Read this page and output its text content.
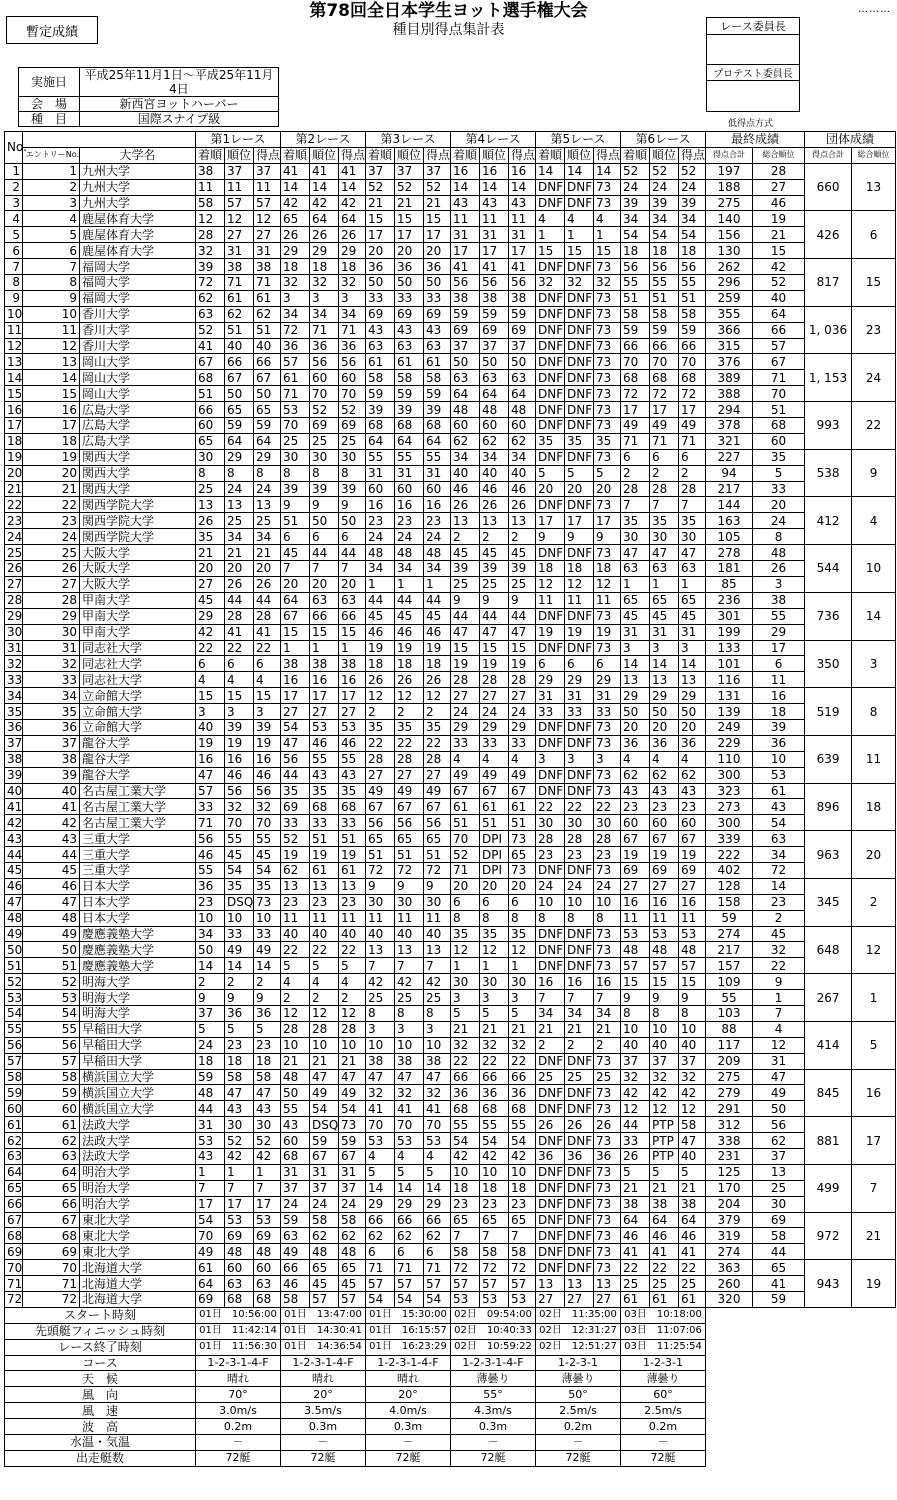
第78回全日本学生ヨット選手権大会
種目別得点集計表
………
暫定成績
実施日	平成25年11月1日～平成25年11月4日
会　場	新西宮ヨットハーバー
種　目	国際スナイプ級
レース委員長

プロテスト委員長

低得点方式
No.			第1レース			第2レース			第3レース			第4レース			第5レース			第6レース			最終成績		団体成績	
	エントリーNo.	大学名	着順	順位	得点	着順	順位	得点	着順	順位	得点	着順	順位	得点	着順	順位	得点	着順	順位	得点	得点合計	総合順位	得点合計	総合順位
1	1	九州大学	38	37	37	41	41	41	37	37	37	16	16	16	14	14	14	52	52	52	197	28	660	13
2	2	九州大学	11	11	11	14	14	14	52	52	52	14	14	14	DNF	DNF	73	24	24	24	188	27		
3	3	九州大学	58	57	57	42	42	42	21	21	21	43	43	43	DNF	DNF	73	39	39	39	275	46		
4	4	鹿屋体育大学	12	12	12	65	64	64	15	15	15	11	11	11	4	4	4	34	34	34	140	19	426	6
5	5	鹿屋体育大学	28	27	27	26	26	26	17	17	17	31	31	31	1	1	1	54	54	54	156	21		
6	6	鹿屋体育大学	32	31	31	29	29	29	20	20	20	17	17	17	15	15	15	18	18	18	130	15		
7	7	福岡大学	39	38	38	18	18	18	36	36	36	41	41	41	DNF	DNF	73	56	56	56	262	42	817	15
8	8	福岡大学	72	71	71	32	32	32	50	50	50	56	56	56	32	32	32	55	55	55	296	52		
9	9	福岡大学	62	61	61	3	3	3	33	33	33	38	38	38	DNF	DNF	73	51	51	51	259	40		
10	10	香川大学	63	62	62	34	34	34	69	69	69	59	59	59	DNF	DNF	73	58	58	58	355	64	1, 036	23
11	11	香川大学	52	51	51	72	71	71	43	43	43	69	69	69	DNF	DNF	73	59	59	59	366	66		
12	12	香川大学	41	40	40	36	36	36	63	63	63	37	37	37	DNF	DNF	73	66	66	66	315	57		
13	13	岡山大学	67	66	66	57	56	56	61	61	61	50	50	50	DNF	DNF	73	70	70	70	376	67	1, 153	24
14	14	岡山大学	68	67	67	61	60	60	58	58	58	63	63	63	DNF	DNF	73	68	68	68	389	71		
15	15	岡山大学	51	50	50	71	70	70	59	59	59	64	64	64	DNF	DNF	73	72	72	72	388	70		
16	16	広島大学	66	65	65	53	52	52	39	39	39	48	48	48	DNF	DNF	73	17	17	17	294	51	993	22
17	17	広島大学	60	59	59	70	69	69	68	68	68	60	60	60	DNF	DNF	73	49	49	49	378	68		
18	18	広島大学	65	64	64	25	25	25	64	64	64	62	62	62	35	35	35	71	71	71	321	60		
19	19	関西大学	30	29	29	30	30	30	55	55	55	34	34	34	DNF	DNF	73	6	6	6	227	35	538	9
20	20	関西大学	8	8	8	8	8	8	31	31	31	40	40	40	5	5	5	2	2	2	94	5		
21	21	関西大学	25	24	24	39	39	39	60	60	60	46	46	46	20	20	20	28	28	28	217	33		
22	22	関西学院大学	13	13	13	9	9	9	16	16	16	26	26	26	DNF	DNF	73	7	7	7	144	20	412	4
23	23	関西学院大学	26	25	25	51	50	50	23	23	23	13	13	13	17	17	17	35	35	35	163	24		
24	24	関西学院大学	35	34	34	6	6	6	24	24	24	2	2	2	9	9	9	30	30	30	105	8		
25	25	大阪大学	21	21	21	45	44	44	48	48	48	45	45	45	DNF	DNF	73	47	47	47	278	48	544	10
26	26	大阪大学	20	20	20	7	7	7	34	34	34	39	39	39	18	18	18	63	63	63	181	26		
27	27	大阪大学	27	26	26	20	20	20	1	1	1	25	25	25	12	12	12	1	1	1	85	3		
28	28	甲南大学	45	44	44	64	63	63	44	44	44	9	9	9	11	11	11	65	65	65	236	38	736	14
29	29	甲南大学	29	28	28	67	66	66	45	45	45	44	44	44	DNF	DNF	73	45	45	45	301	55		
30	30	甲南大学	42	41	41	15	15	15	46	46	46	47	47	47	19	19	19	31	31	31	199	29		
31	31	同志社大学	22	22	22	1	1	1	19	19	19	15	15	15	DNF	DNF	73	3	3	3	133	17	350	3
32	32	同志社大学	6	6	6	38	38	38	18	18	18	19	19	19	6	6	6	14	14	14	101	6		
33	33	同志社大学	4	4	4	16	16	16	26	26	26	28	28	28	29	29	29	13	13	13	116	11		
34	34	立命館大学	15	15	15	17	17	17	12	12	12	27	27	27	31	31	31	29	29	29	131	16	519	8
35	35	立命館大学	3	3	3	27	27	27	2	2	2	24	24	24	33	33	33	50	50	50	139	18		
36	36	立命館大学	40	39	39	54	53	53	35	35	35	29	29	29	DNF	DNF	73	20	20	20	249	39		
37	37	龍谷大学	19	19	19	47	46	46	22	22	22	33	33	33	DNF	DNF	73	36	36	36	229	36	639	11
38	38	龍谷大学	16	16	16	56	55	55	28	28	28	4	4	4	3	3	3	4	4	4	110	10		
39	39	龍谷大学	47	46	46	44	43	43	27	27	27	49	49	49	DNF	DNF	73	62	62	62	300	53		
40	40	名古屋工業大学	57	56	56	35	35	35	49	49	49	67	67	67	DNF	DNF	73	43	43	43	323	61	896	18
41	41	名古屋工業大学	33	32	32	69	68	68	67	67	67	61	61	61	22	22	22	23	23	23	273	43		
42	42	名古屋工業大学	71	70	70	33	33	33	56	56	56	51	51	51	30	30	30	60	60	60	300	54		
43	43	三重大学	56	55	55	52	51	51	65	65	65	70	DPI	73	28	28	28	67	67	67	339	63	963	20
44	44	三重大学	46	45	45	19	19	19	51	51	51	52	DPI	65	23	23	23	19	19	19	222	34		
45	45	三重大学	55	54	54	62	61	61	72	72	72	71	DPI	73	DNF	DNF	73	69	69	69	402	72		
46	46	日本大学	36	35	35	13	13	13	9	9	9	20	20	20	24	24	24	27	27	27	128	14	345	2
47	47	日本大学	23	DSQ	73	23	23	23	30	30	30	6	6	6	10	10	10	16	16	16	158	23		
48	48	日本大学	10	10	10	11	11	11	11	11	11	8	8	8	8	8	8	11	11	11	59	2		
49	49	慶應義塾大学	34	33	33	40	40	40	40	40	40	35	35	35	DNF	DNF	73	53	53	53	274	45	648	12
50	50	慶應義塾大学	50	49	49	22	22	22	13	13	13	12	12	12	DNF	DNF	73	48	48	48	217	32		
51	51	慶應義塾大学	14	14	14	5	5	5	7	7	7	1	1	1	DNF	DNF	73	57	57	57	157	22		
52	52	明海大学	2	2	2	4	4	4	42	42	42	30	30	30	16	16	16	15	15	15	109	9	267	1
53	53	明海大学	9	9	9	2	2	2	25	25	25	3	3	3	7	7	7	9	9	9	55	1		
54	54	明海大学	37	36	36	12	12	12	8	8	8	5	5	5	34	34	34	8	8	8	103	7		
55	55	早稲田大学	5	5	5	28	28	28	3	3	3	21	21	21	21	21	21	10	10	10	88	4	414	5
56	56	早稲田大学	24	23	23	10	10	10	10	10	10	32	32	32	2	2	2	40	40	40	117	12		
57	57	早稲田大学	18	18	18	21	21	21	38	38	38	22	22	22	DNF	DNF	73	37	37	37	209	31		
58	58	横浜国立大学	59	58	58	48	47	47	47	47	47	66	66	66	25	25	25	32	32	32	275	47	845	16
59	59	横浜国立大学	48	47	47	50	49	49	32	32	32	36	36	36	DNF	DNF	73	42	42	42	279	49		
60	60	横浜国立大学	44	43	43	55	54	54	41	41	41	68	68	68	DNF	DNF	73	12	12	12	291	50		
61	61	法政大学	31	30	30	43	DSQ	73	70	70	70	55	55	55	26	26	26	44	PTP	58	312	56	881	17
62	62	法政大学	53	52	52	60	59	59	53	53	53	54	54	54	DNF	DNF	73	33	PTP	47	338	62		
63	63	法政大学	43	42	42	68	67	67	4	4	4	42	42	42	36	36	36	26	PTP	40	231	37		
64	64	明治大学	1	1	1	31	31	31	5	5	5	10	10	10	DNF	DNF	73	5	5	5	125	13	499	7
65	65	明治大学	7	7	7	37	37	37	14	14	14	18	18	18	DNF	DNF	73	21	21	21	170	25		
66	66	明治大学	17	17	17	24	24	24	29	29	29	23	23	23	DNF	DNF	73	38	38	38	204	30		
67	67	東北大学	54	53	53	59	58	58	66	66	66	65	65	65	DNF	DNF	73	64	64	64	379	69	972	21
68	68	東北大学	70	69	69	63	62	62	62	62	62	7	7	7	DNF	DNF	73	46	46	46	319	58		
69	69	東北大学	49	48	48	49	48	48	6	6	6	58	58	58	DNF	DNF	73	41	41	41	274	44		
70	70	北海道大学	61	60	60	66	65	65	71	71	71	72	72	72	DNF	DNF	73	22	22	22	363	65	943	19
71	71	北海道大学	64	63	63	46	45	45	57	57	57	57	57	57	13	13	13	25	25	25	260	41		
72	72	北海道大学	69	68	68	58	57	57	54	54	54	53	53	53	27	27	27	61	61	61	320	59		
スタート時刻			01日　10:56:00			01日　13:47:00			01日　15:30:00			02日　09:54:00			02日　11:35:00			03日　10:18:00						
先頭艇フィニッシュ時刻			01日　11:42:14			01日　14:30:41			01日　16:15:57			02日　10:40:33			02日　12:31:27			03日　11:07:06						
レース終了時刻			01日　11:56:30			01日　14:36:54			01日　16:23:29			02日　10:59:22			02日　12:51:27			03日　11:25:54						
コース			1-2-3-1-4-F			1-2-3-1-4-F			1-2-3-1-4-F			1-2-3-1-4-F			1-2-3-1			1-2-3-1						
天　候			晴れ			晴れ			晴れ			薄曇り			薄曇り			薄曇り						
風　向			70°			20°			20°			55°			50°			60°						
風　速			3.0m/s			3.5m/s			4.0m/s			4.3m/s			2.5m/s			2.5m/s						
波　高			0.2m			0.3m			0.3m			0.3m			0.2m			0.2m						
水温・気温			－			－			－			－			－			－						
出走艇数			72艇			72艇			72艇			72艇			72艇			72艇						
